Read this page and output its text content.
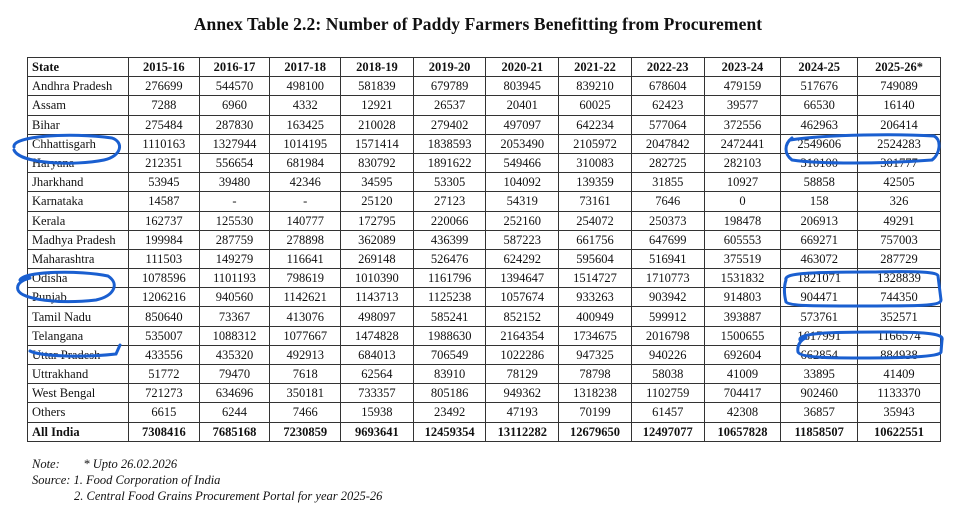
Annex Table 2.2: Number of Paddy Farmers Benefitting from Procurement
State	2015-16	2016-17	2017-18	2018-19	2019-20	2020-21	2021-22	2022-23	2023-24	2024-25	2025-26*
Andhra Pradesh	276699	544570	498100	581839	679789	803945	839210	678604	479159	517676	749089
Assam	7288	6960	4332	12921	26537	20401	60025	62423	39577	66530	16140
Bihar	275484	287830	163425	210028	279402	497097	642234	577064	372556	462963	206414
Chhattisgarh	1110163	1327944	1014195	1571414	1838593	2053490	2105972	2047842	2472441	2549606	2524283
Haryana	212351	556654	681984	830792	1891622	549466	310083	282725	282103	310100	301777
Jharkhand	53945	39480	42346	34595	53305	104092	139359	31855	10927	58858	42505
Karnataka	14587	-	-	25120	27123	54319	73161	7646	0	158	326
Kerala	162737	125530	140777	172795	220066	252160	254072	250373	198478	206913	49291
Madhya Pradesh	199984	287759	278898	362089	436399	587223	661756	647699	605553	669271	757003
Maharashtra	111503	149279	116641	269148	526476	624292	595604	516941	375519	463072	287729
Odisha	1078596	1101193	798619	1010390	1161796	1394647	1514727	1710773	1531832	1821071	1328839
Punjab	1206216	940560	1142621	1143713	1125238	1057674	933263	903942	914803	904471	744350
Tamil Nadu	850640	73367	413076	498097	585241	852152	400949	599912	393887	573761	352571
Telangana	535007	1088312	1077667	1474828	1988630	2164354	1734675	2016798	1500655	1617991	1166574
Uttar Pradesh	433556	435320	492913	684013	706549	1022286	947325	940226	692604	662854	884938
Uttrakhand	51772	79470	7618	62564	83910	78129	78798	58038	41009	33895	41409
West Bengal	721273	634696	350181	733357	805186	949362	1318238	1102759	704417	902460	1133370
Others	6615	6244	7466	15938	23492	47193	70199	61457	42308	36857	35943
All India	7308416	7685168	7230859	9693641	12459354	13112282	12679650	12497077	10657828	11858507	10622551
Note: * Upto 26.02.2026
Source: 1. Food Corporation of India
2. Central Food Grains Procurement Portal for year 2025-26
